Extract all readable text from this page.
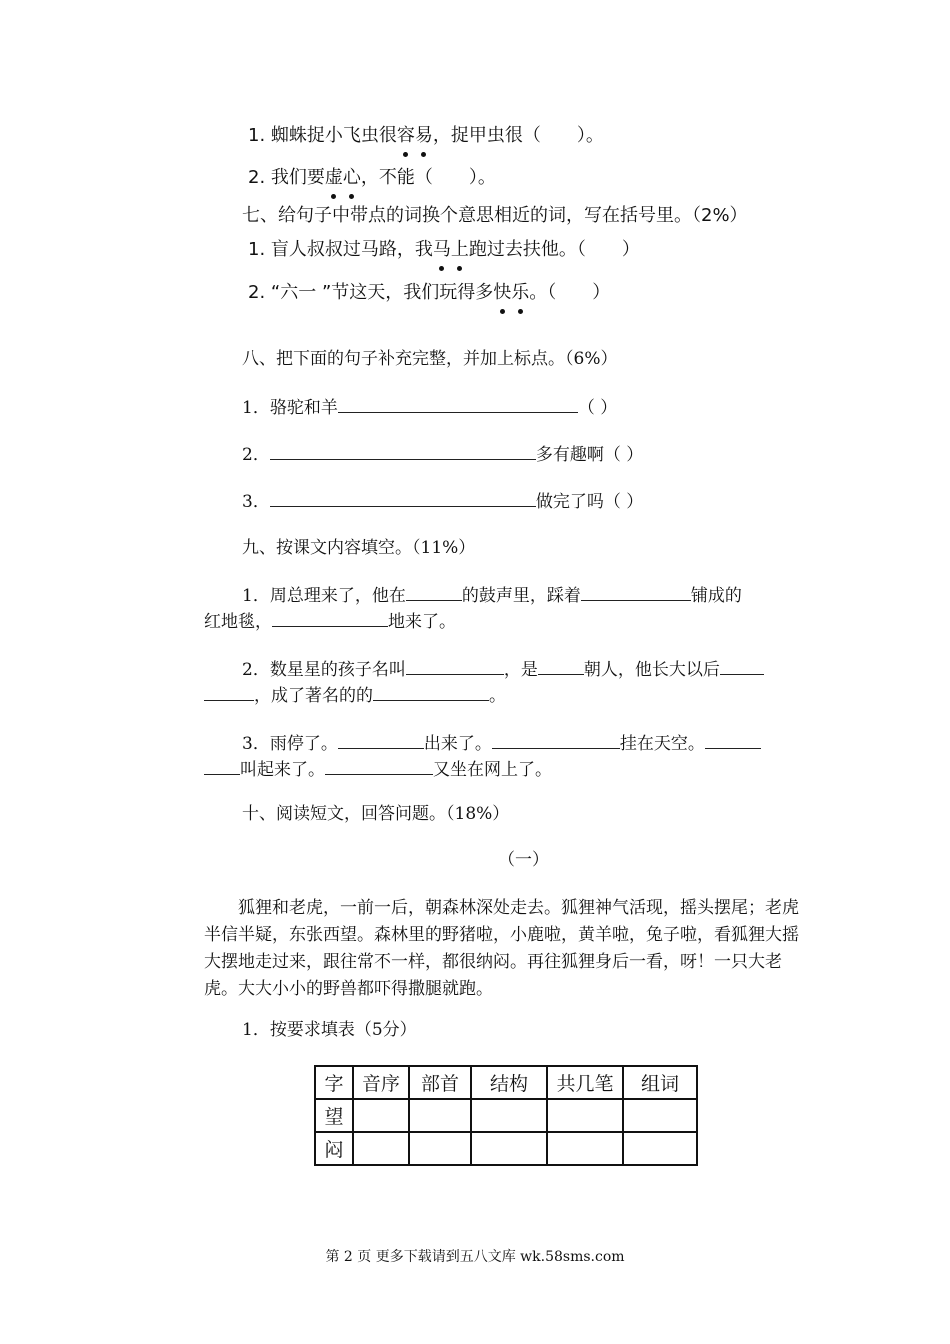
1. 蜘蛛捉小飞虫很容易，捉甲虫很（　　）。
2. 我们要虚心，不能（　　）。
七、给句子中带点的词换个意思相近的词，写在括号里。（2%）
1. 盲人叔叔过马路，我马上跑过去扶他。（　　）
2. “六一 ”节这天，我们玩得多快乐。（　　）
八、把下面的句子补充完整，并加上标点。（6%）
1．骆驼和羊	（ ）
2．	多有趣啊（ ）
3．	做完了吗（ ）
九、按课文内容填空。（11%）
1．周总理来了，他在	的鼓声里，踩着	铺成的
红地毯，	地来了。
2．数星星的孩子名叫	，是	朝人，他长大以后
，成了著名的的	。
3．雨停了。	出来了。	挂在天空。
叫起来了。	又坐在网上了。
十、阅读短文，回答问题。（18%）
（一）
狐狸和老虎，一前一后，朝森林深处走去。狐狸神气活现，摇头摆尾；老虎半信半疑，东张西望。森林里的野猪啦，小鹿啦，黄羊啦，兔子啦，看狐狸大摇大摆地走过来，跟往常不一样，都很纳闷。再往狐狸身后一看，呀！一只大老虎。大大小小的野兽都吓得撒腿就跑。
1．按要求填表（5分）
字	音序	部首	结构	共几笔	组词
望					
闷					
第 2 页 更多下载请到五八文库 wk.58sms.com
